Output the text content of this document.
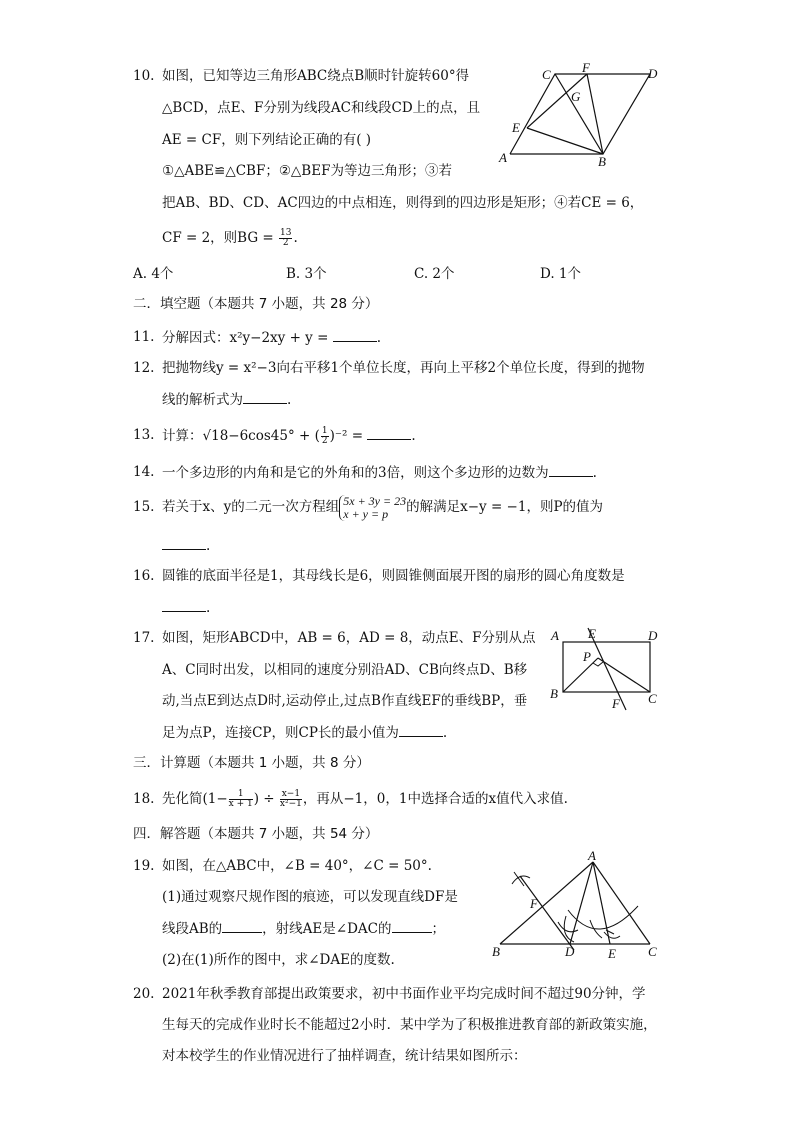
10. 如图，已知等边三角形ABC绕点B顺时针旋转60°得
△BCD，点E、F分别为线段AC和线段CD上的点，且
AE = CF，则下列结论正确的有( )
①△ABE≌△CBF；②△BEF为等边三角形；③若
把AB、BD、CD、AC四边的中点相连，则得到的四边形是矩形；④若CE = 6，
CF = 2，则BG = $\frac{13}{2}$ .
C F	D
G
E
A	B
A. 4个	B. 3个	C. 2个	D. 1个
二．填空题（本题共 7 小题，共 28 分）
11. 分解因式：x²y−2xy + y =	.
12. 把抛物线y = x²−3向右平移1个单位长度，再向上平移2个单位长度，得到的抛物
线的解析式为	.
13. 计算：√18−6cos45° + ( $\frac{1}{2} )^{-2}$ =	.
14. 一个多边形的内角和是它的外角和的3倍，则这个多边形的边数为	.
15. 若关于x、y的二元一次方程组 5x + 3y = 23
x + y = p	的解满足x−y = −1，则P的值为
.
16. 圆锥的底面半径是1，其母线长是6，则圆锥侧面展开图的扇形的圆心角度数是
.
17. 如图，矩形ABCD中，AB = 6，AD = 8，动点E、F分别从点
A、C同时出发，以相同的速度分别沿AD、CB向终点D、B移
动,当点E到达点D时,运动停止,过点B作直线EF的垂线BP，垂
足为点P，连接CP，则CP长的最小值为	.
A E	D
P
B	C
F
三．计算题（本题共 1 小题，共 8 分）
18. 先化简($1- \frac{1}{x + 1}$ ) ÷ $\frac{x-1}{\text{x²−1}}$ ，再从−1，0，1中选择合适的x值代入求值.
四．解答题（本题共 7 小题，共 54 分）
19. 如图，在△ABC中，∠B = 40°，∠C = 50°.
(1)通过观察尺规作图的痕迹，可以发现直线DF是
线段AB的	，射线AE是∠DAC的	；
(2)在(1)所作的图中，求∠DAE的度数.
A
F
B	D	E C
20. 2021年秋季教育部提出政策要求，初中书面作业平均完成时间不超过90分钟，学
生每天的完成作业时长不能超过2小时．某中学为了积极推进教育部的新政策实施，
对本校学生的作业情况进行了抽样调查，统计结果如图所示：
